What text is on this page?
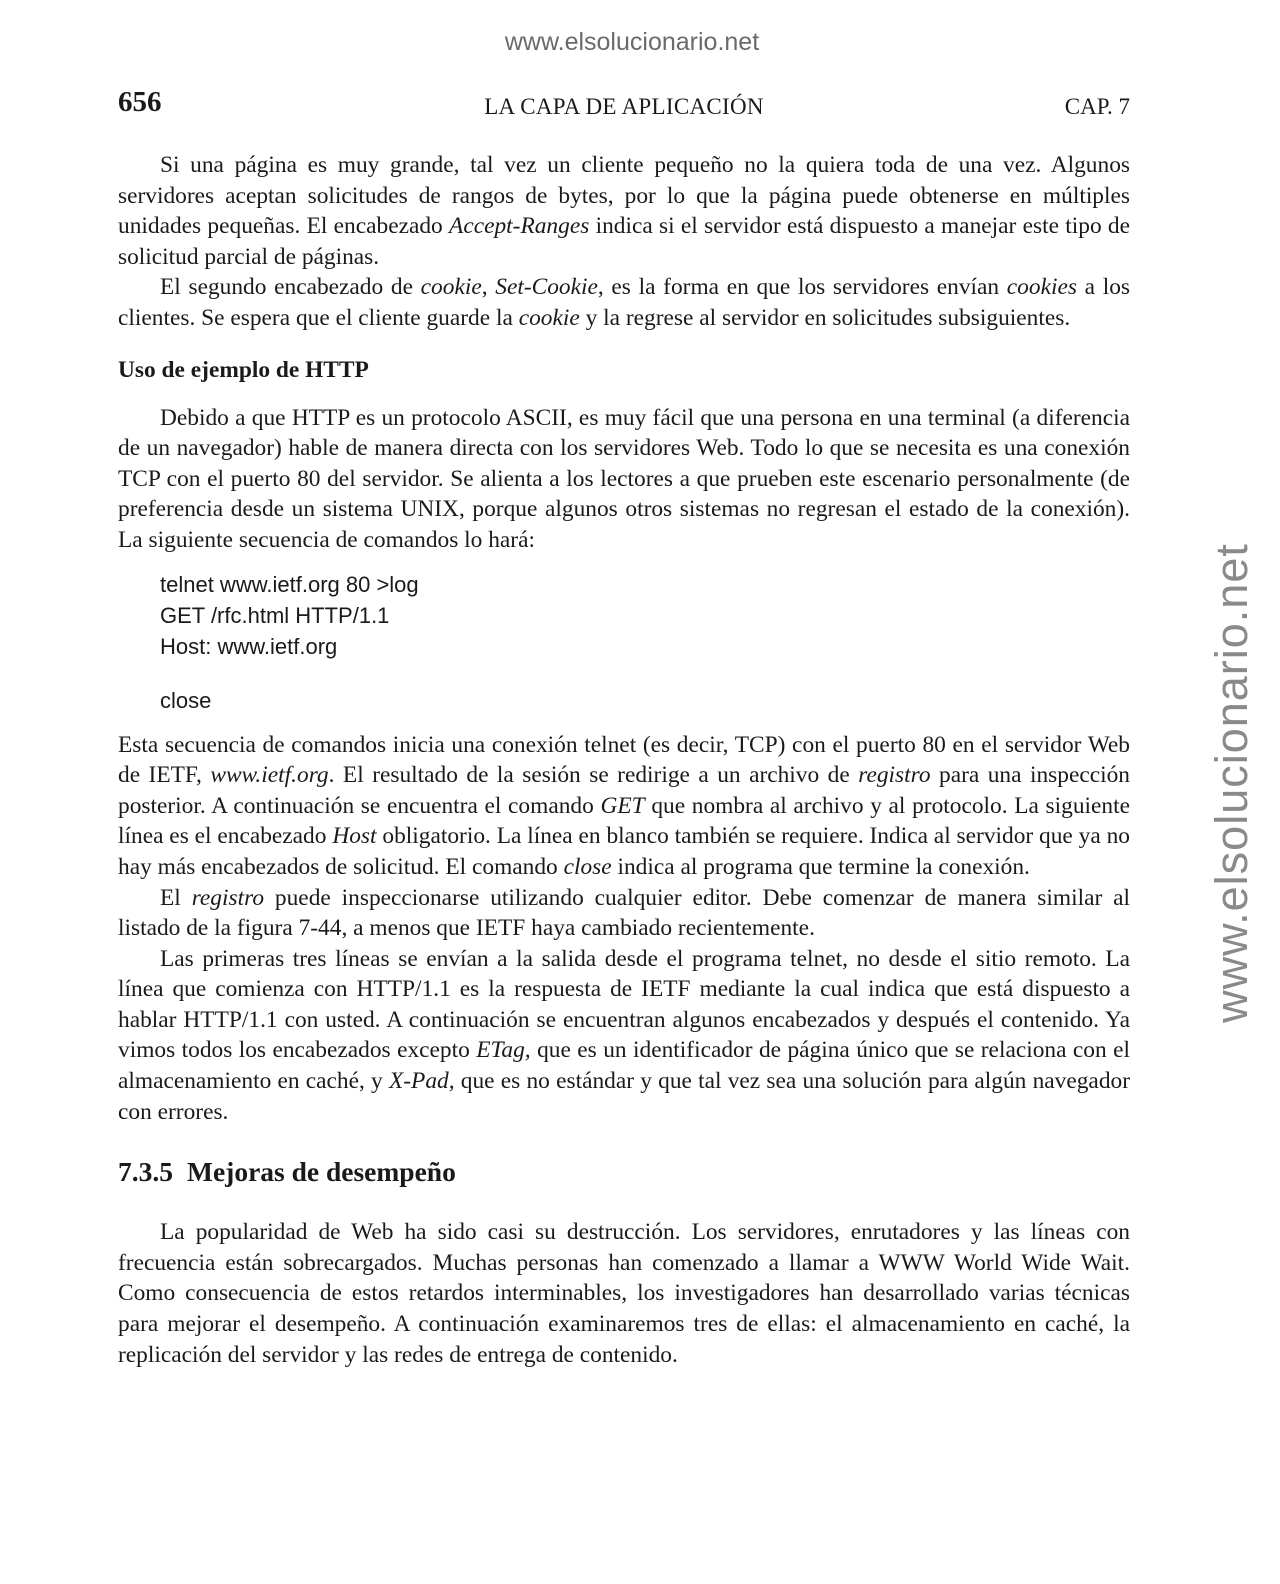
www.elsolucionario.net
www.elsolucionario.net
656	LA CAPA DE APLICACIÓN	CAP. 7

Si una página es muy grande, tal vez un cliente pequeño no la quiera toda de una vez. Algunos servidores aceptan solicitudes de rangos de bytes, por lo que la página puede obtenerse en múltiples unidades pequeñas. El encabezado Accept-Ranges indica si el servidor está dispuesto a manejar este tipo de solicitud parcial de páginas.

El segundo encabezado de cookie, Set-Cookie, es la forma en que los servidores envían cookies a los clientes. Se espera que el cliente guarde la cookie y la regrese al servidor en solicitudes subsiguientes.

Uso de ejemplo de HTTP

Debido a que HTTP es un protocolo ASCII, es muy fácil que una persona en una terminal (a diferencia de un navegador) hable de manera directa con los servidores Web. Todo lo que se necesita es una conexión TCP con el puerto 80 del servidor. Se alienta a los lectores a que prueben este escenario personalmente (de preferencia desde un sistema UNIX, porque algunos otros sistemas no regresan el estado de la conexión). La siguiente secuencia de comandos lo hará:

telnet www.ietf.org 80 >log
GET /rfc.html HTTP/1.1
Host: www.ietf.org
close

Esta secuencia de comandos inicia una conexión telnet (es decir, TCP) con el puerto 80 en el servidor Web de IETF, www.ietf.org. El resultado de la sesión se redirige a un archivo de registro para una inspección posterior. A continuación se encuentra el comando GET que nombra al archivo y al protocolo. La siguiente línea es el encabezado Host obligatorio. La línea en blanco también se requiere. Indica al servidor que ya no hay más encabezados de solicitud. El comando close indica al programa que termine la conexión.

El registro puede inspeccionarse utilizando cualquier editor. Debe comenzar de manera similar al listado de la figura 7-44, a menos que IETF haya cambiado recientemente.

Las primeras tres líneas se envían a la salida desde el programa telnet, no desde el sitio remoto. La línea que comienza con HTTP/1.1 es la respuesta de IETF mediante la cual indica que está dispuesto a hablar HTTP/1.1 con usted. A continuación se encuentran algunos encabezados y después el contenido. Ya vimos todos los encabezados excepto ETag, que es un identificador de página único que se relaciona con el almacenamiento en caché, y X-Pad, que es no estándar y que tal vez sea una solución para algún navegador con errores.

7.3.5 Mejoras de desempeño

La popularidad de Web ha sido casi su destrucción. Los servidores, enrutadores y las líneas con frecuencia están sobrecargados. Muchas personas han comenzado a llamar a WWW World Wide Wait. Como consecuencia de estos retardos interminables, los investigadores han desarrollado varias técnicas para mejorar el desempeño. A continuación examinaremos tres de ellas: el almacenamiento en caché, la replicación del servidor y las redes de entrega de contenido.
